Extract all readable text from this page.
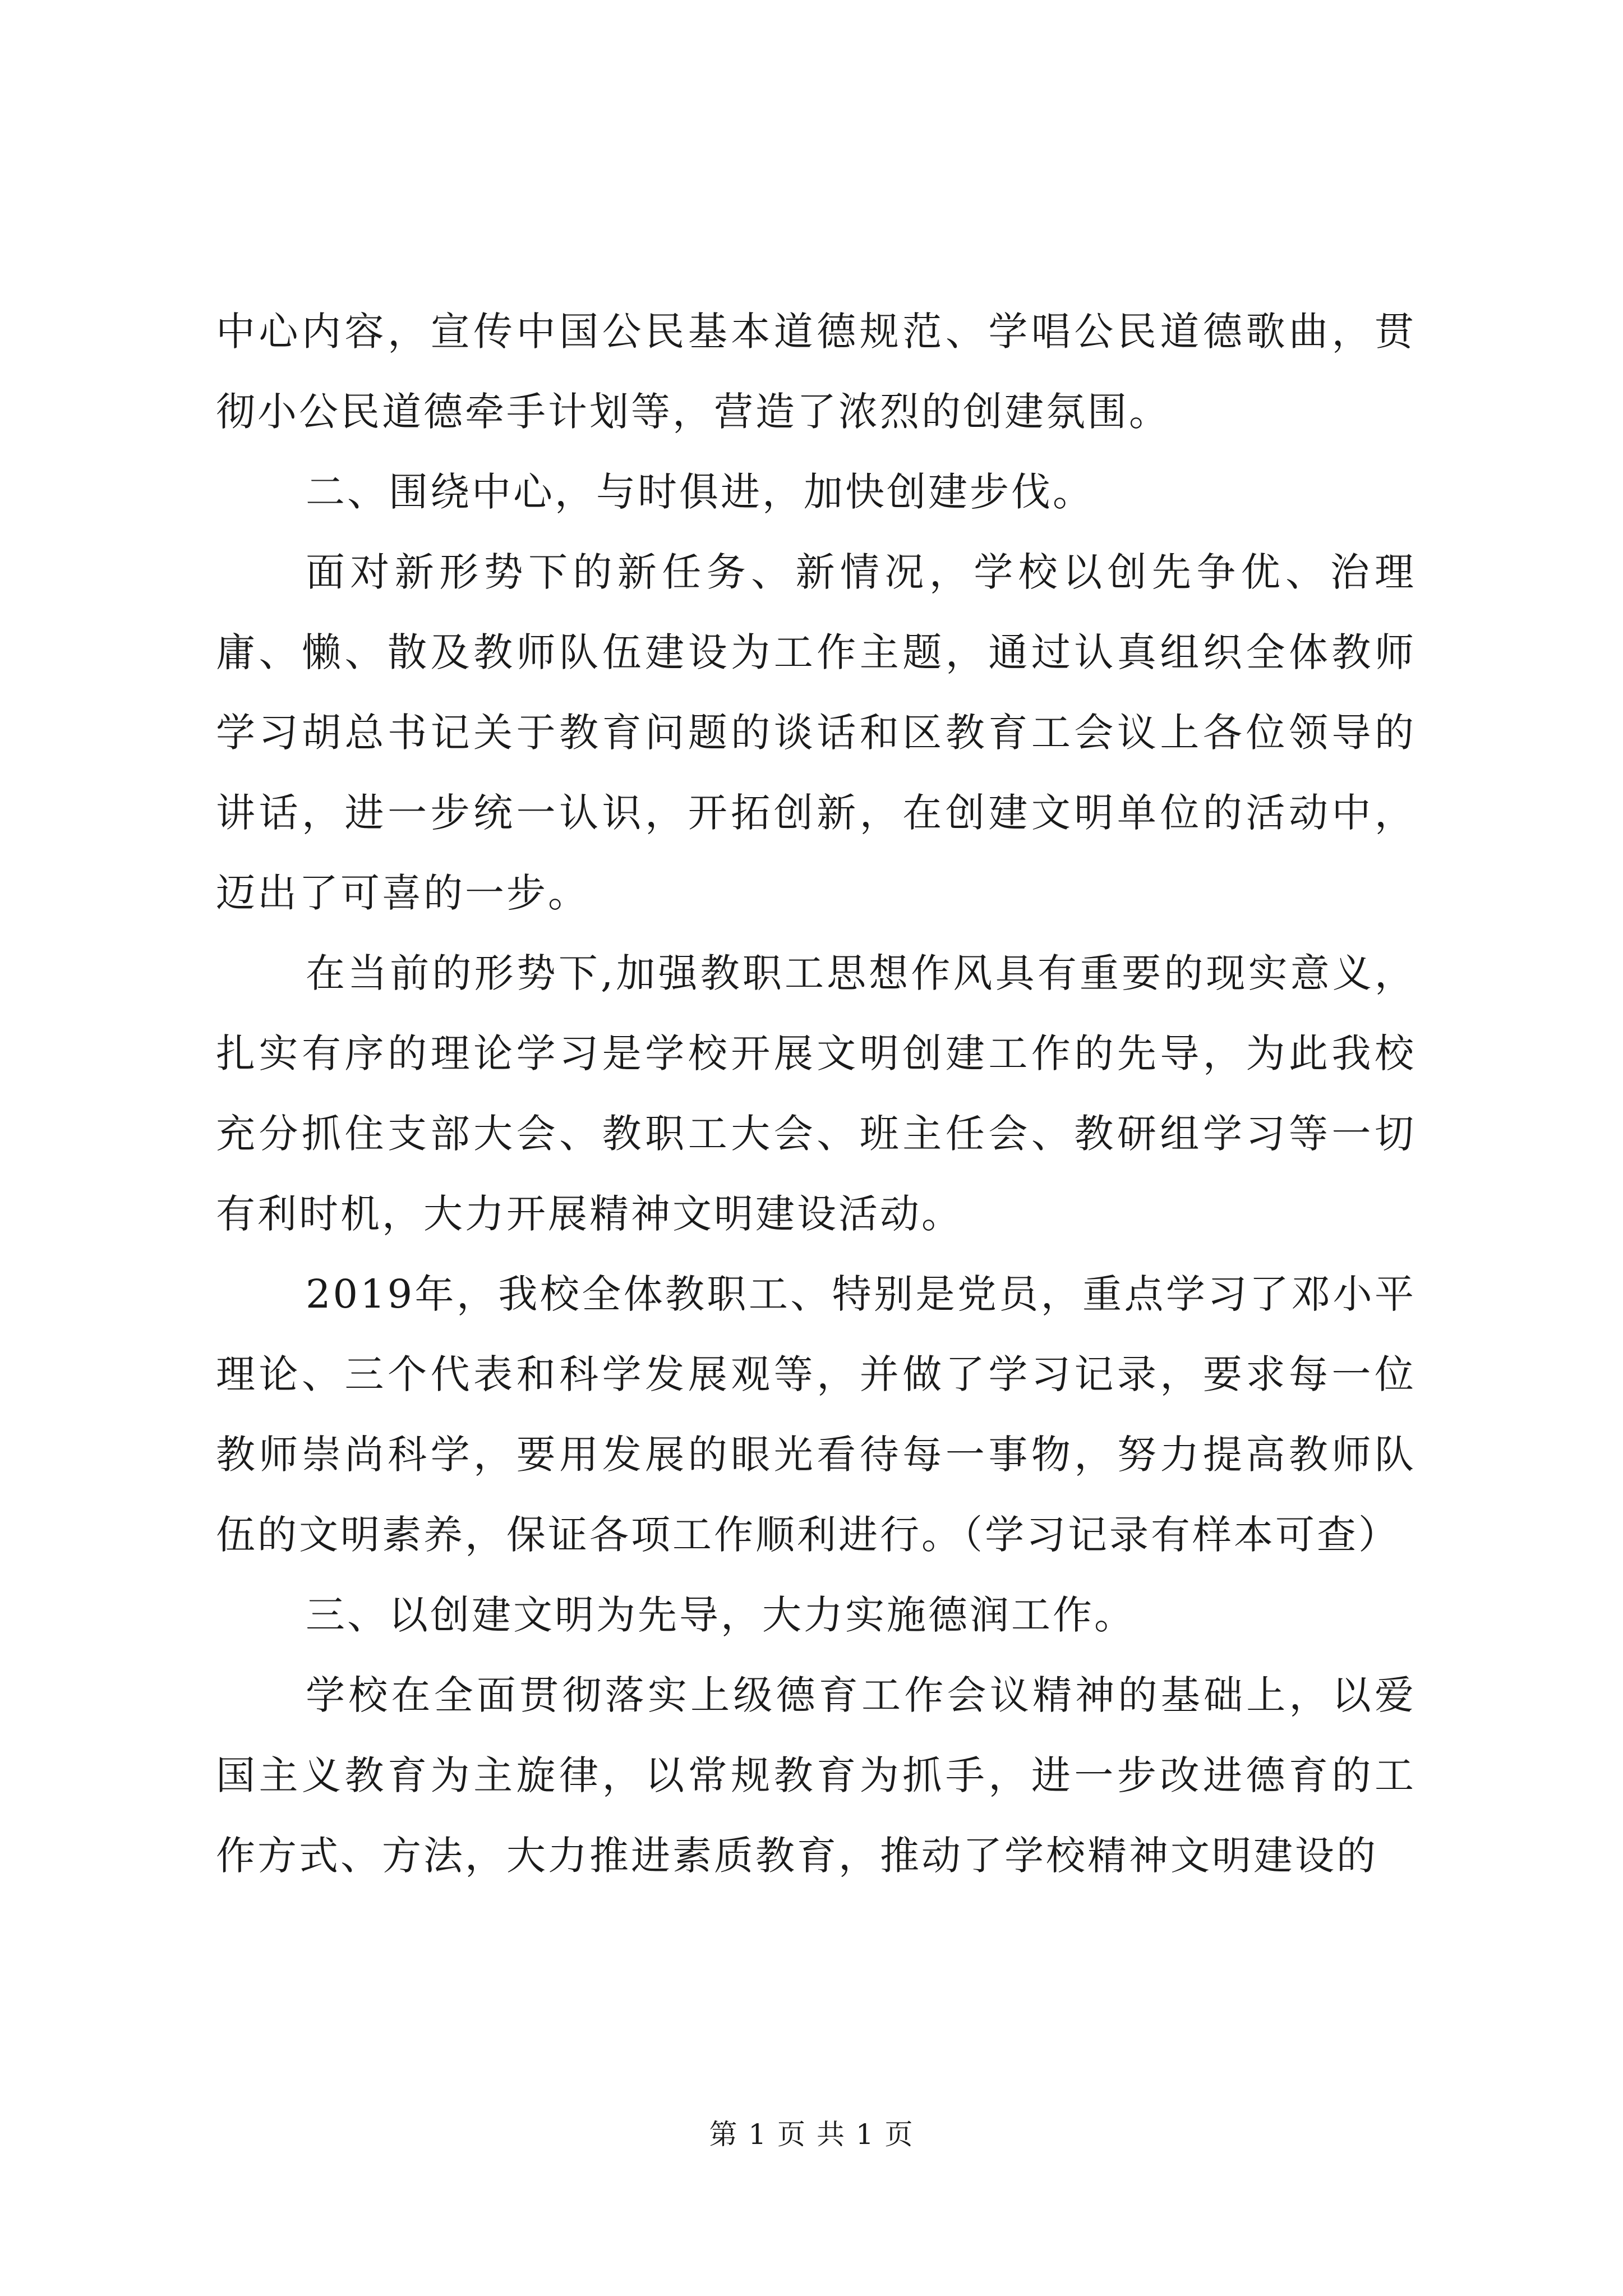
中心内容，宣传中国公民基本道德规范、学唱公民道德歌曲，贯彻小公民道德牵手计划等，营造了浓烈的创建氛围。

二、围绕中心，与时俱进，加快创建步伐。

面对新形势下的新任务、新情况，学校以创先争优、治理庸、懒、散及教师队伍建设为工作主题，通过认真组织全体教师学习胡总书记关于教育问题的谈话和区教育工会议上各位领导的讲话，进一步统一认识，开拓创新，在创建文明单位的活动中，迈出了可喜的一步。

在当前的形势下,加强教职工思想作风具有重要的现实意义，扎实有序的理论学习是学校开展文明创建工作的先导，为此我校充分抓住支部大会、教职工大会、班主任会、教研组学习等一切有利时机，大力开展精神文明建设活动。

2019年，我校全体教职工、特别是党员，重点学习了邓小平理论、三个代表和科学发展观等，并做了学习记录，要求每一位教师崇尚科学，要用发展的眼光看待每一事物，努力提高教师队伍的文明素养，保证各项工作顺利进行。（学习记录有样本可查）

三、以创建文明为先导，大力实施德润工作。

学校在全面贯彻落实上级德育工作会议精神的基础上，以爱国主义教育为主旋律，以常规教育为抓手，进一步改进德育的工作方式、方法，大力推进素质教育，推动了学校精神文明建设的

第 1 页 共 1 页
